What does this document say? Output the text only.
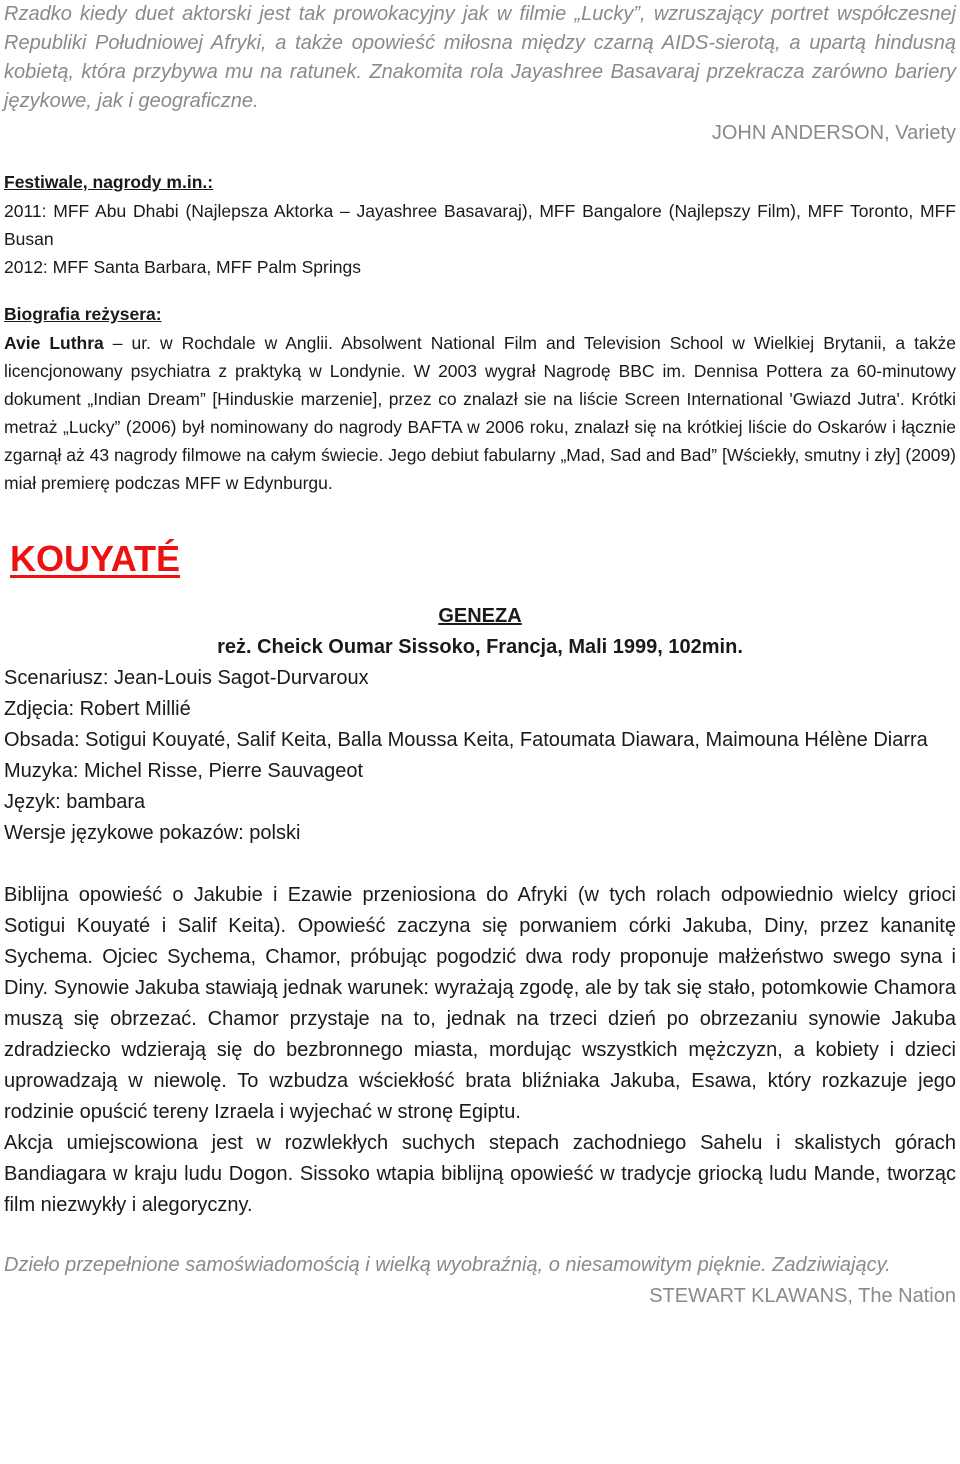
Rzadko kiedy duet aktorski jest tak prowokacyjny jak w filmie „Lucky”, wzruszający portret współczesnej Republiki Południowej Afryki, a także opowieść miłosna między czarną AIDS-sierotą, a upartą hindusną kobietą, która przybywa mu na ratunek. Znakomita rola Jayashree Basavaraj przekracza zarówno bariery językowe, jak i geograficzne.

JOHN ANDERSON, Variety

Festiwale, nagrody m.in.:

2011: MFF Abu Dhabi (Najlepsza Aktorka – Jayashree Basavaraj), MFF Bangalore (Najlepszy Film), MFF Toronto, MFF Busan

2012: MFF Santa Barbara, MFF Palm Springs

Biografia reżysera:

Avie Luthra – ur. w Rochdale w Anglii. Absolwent National Film and Television School w Wielkiej Brytanii, a także licencjonowany psychiatra z praktyką w Londynie. W 2003 wygrał Nagrodę BBC im. Dennisa Pottera za 60-minutowy dokument „Indian Dream” [Hinduskie marzenie], przez co znalazł sie na liście Screen International 'Gwiazd Jutra'. Krótki metraż „Lucky” (2006) był nominowany do nagrody BAFTA w 2006 roku, znalazł się na krótkiej liście do Oskarów i łącznie zgarnął aż 43 nagrody filmowe na całym świecie. Jego debiut fabularny „Mad, Sad and Bad” [Wściekły, smutny i zły] (2009) miał premierę podczas MFF w Edynburgu.

KOUYATÉ

GENEZA

reż. Cheick Oumar Sissoko, Francja, Mali 1999, 102min.

Scenariusz: Jean-Louis Sagot-Durvaroux

Zdjęcia: Robert Millié

Obsada: Sotigui Kouyaté, Salif Keita, Balla Moussa Keita, Fatoumata Diawara, Maimouna Hélène Diarra

Muzyka: Michel Risse, Pierre Sauvageot

Język: bambara

Wersje językowe pokazów: polski

Biblijna opowieść o Jakubie i Ezawie przeniosiona do Afryki (w tych rolach odpowiednio wielcy grioci Sotigui Kouyaté i Salif Keita). Opowieść zaczyna się porwaniem córki Jakuba, Diny, przez kananitę Sychema. Ojciec Sychema, Chamor, próbując pogodzić dwa rody proponuje małżeństwo swego syna i Diny. Synowie Jakuba stawiają jednak warunek: wyrażają zgodę, ale by tak się stało, potomkowie Chamora muszą się obrzezać. Chamor przystaje na to, jednak na trzeci dzień po obrzezaniu synowie Jakuba zdradziecko wdzierają się do bezbronnego miasta, mordując wszystkich mężczyzn, a kobiety i dzieci uprowadzają w niewolę. To wzbudza wściekłość brata bliźniaka Jakuba, Esawa, który rozkazuje jego rodzinie opuścić tereny Izraela i wyjechać w stronę Egiptu.

Akcja umiejscowiona jest w rozwlekłych suchych stepach zachodniego Sahelu i skalistych górach Bandiagara w kraju ludu Dogon. Sissoko wtapia biblijną opowieść w tradycje griocką ludu Mande, tworząc film niezwykły i alegoryczny.

Dzieło przepełnione samoświadomością i wielką wyobraźnią, o niesamowitym pięknie. Zadziwiający.

STEWART KLAWANS, The Nation
